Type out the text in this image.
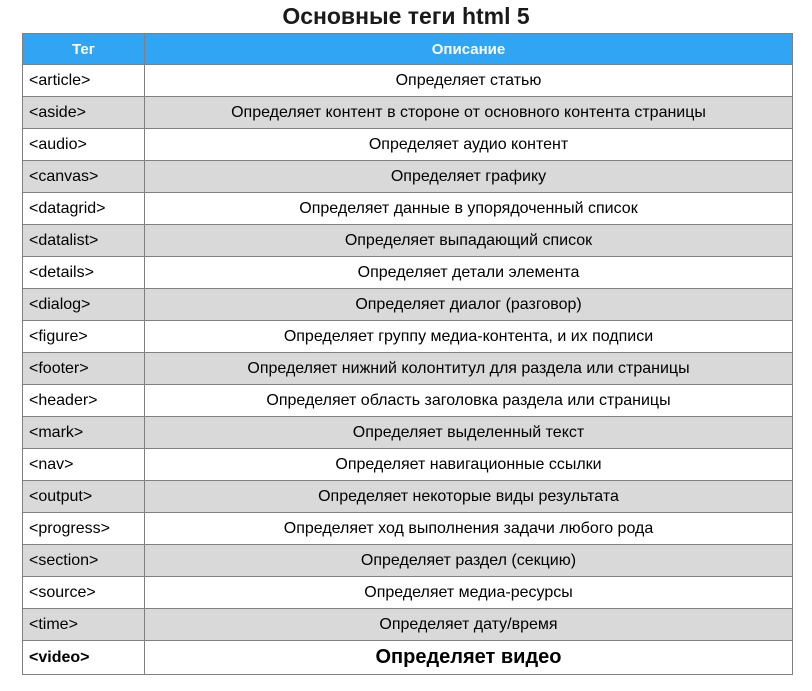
Основные теги html 5
Тег	Описание
<article>	Определяет статью
<aside>	Определяет контент в стороне от основного контента страницы
<audio>	Определяет аудио контент
<canvas>	Определяет графику
<datagrid>	Определяет данные в упорядоченный список
<datalist>	Определяет выпадающий список
<details>	Определяет детали элемента
<dialog>	Определяет диалог (разговор)
<figure>	Определяет группу медиа-контента, и их подписи
<footer>	Определяет нижний колонтитул для раздела или страницы
<header>	Определяет область заголовка раздела или страницы
<mark>	Определяет выделенный текст
<nav>	Определяет навигационные ссылки
<output>	Определяет некоторые виды результата
<progress>	Определяет ход выполнения задачи любого рода
<section>	Определяет раздел (секцию)
<source>	Определяет медиа-ресурсы
<time>	Определяет дату/время
<video>	Определяет видео
